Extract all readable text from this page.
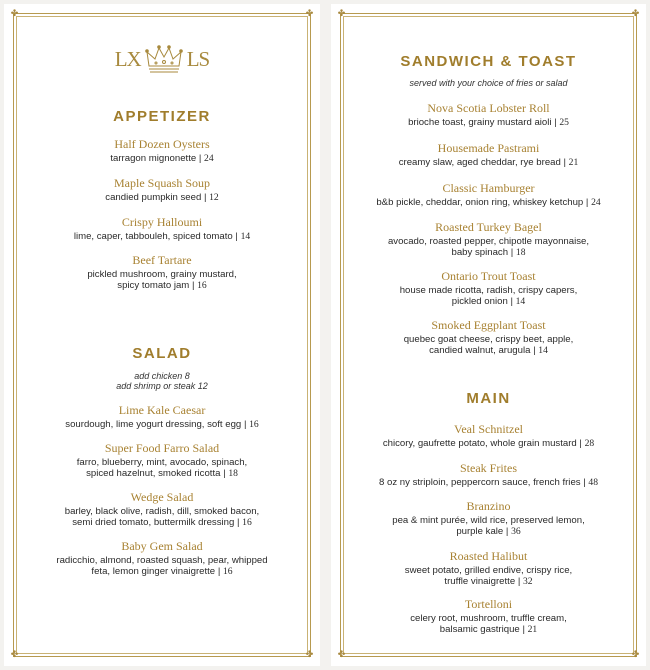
✤	✤
✤	✤
LX LS
APPETIZER
Half Dozen Oysters
tarragon mignonette | 24
Maple Squash Soup
candied pumpkin seed | 12
Crispy Halloumi
lime, caper, tabbouleh, spiced tomato | 14
Beef Tartare
pickled mushroom, grainy mustard,
spicy tomato jam | 16
SALAD
add chicken 8
add shrimp or steak 12
Lime Kale Caesar
sourdough, lime yogurt dressing, soft egg | 16
Super Food Farro Salad
farro, blueberry, mint, avocado, spinach,
spiced hazelnut, smoked ricotta | 18
Wedge Salad
barley, black olive, radish, dill, smoked bacon,
semi dried tomato, buttermilk dressing | 16
Baby Gem Salad
radicchio, almond, roasted squash, pear, whipped
feta, lemon ginger vinaigrette | 16
✤	✤
✤	✤
SANDWICH & TOAST
served with your choice of fries or salad
Nova Scotia Lobster Roll
brioche toast, grainy mustard aioli | 25
Housemade Pastrami
creamy slaw, aged cheddar, rye bread | 21
Classic Hamburger
b&b pickle, cheddar, onion ring, whiskey ketchup | 24
Roasted Turkey Bagel
avocado, roasted pepper, chipotle mayonnaise,
baby spinach | 18
Ontario Trout Toast
house made ricotta, radish, crispy capers,
pickled onion | 14
Smoked Eggplant Toast
quebec goat cheese, crispy beet, apple,
candied walnut, arugula | 14
MAIN
Veal Schnitzel
chicory, gaufrette potato, whole grain mustard | 28
Steak Frites
8 oz ny striploin, peppercorn sauce, french fries | 48
Branzino
pea & mint purée, wild rice, preserved lemon,
purple kale | 36
Roasted Halibut
sweet potato, grilled endive, crispy rice,
truffle vinaigrette | 32
Tortelloni
celery root, mushroom, truffle cream,
balsamic gastrique | 21
